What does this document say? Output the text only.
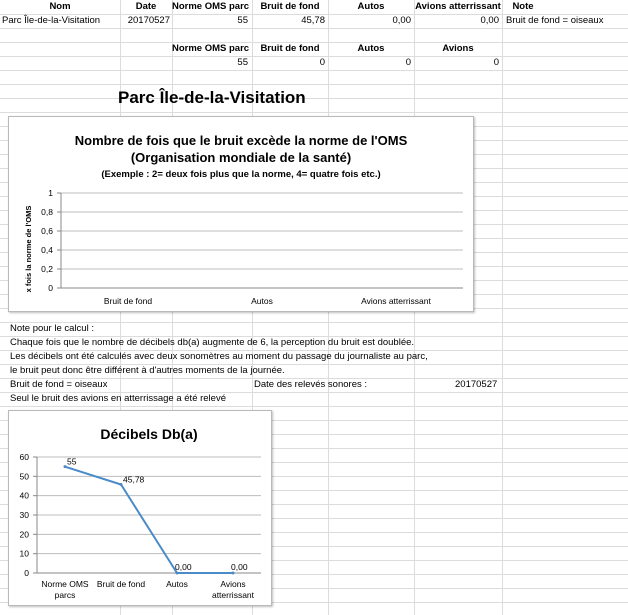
Nom	Date	Norme OMS parc	Bruit de fond	Autos	Avions atterrissant	Note
Parc Île-de-la-Visitation	20170527	55	45,78	0,00	0,00 Bruit de fond = oiseaux
Norme OMS parc	Bruit de fond	Autos	Avions
55	0	0	0
Parc Île-de-la-Visitation
Nombre de fois que le bruit excède la norme de l'OMS
(Organisation mondiale de la santé)
(Exemple : 2= deux fois plus que la norme, 4= quatre fois etc.)
x fois la norme de l'OMS 0
0,2
0,4
0,6
0,8
1
Bruit de fond	Autos	Avions atterrissant
Note pour le calcul :
Chaque fois que le nombre de décibels db(a) augmente de 6, la perception du bruit est doublée.
Les décibels ont été calculés avec deux sonomètres au moment du passage du journaliste au parc,
le bruit peut donc être différent à d'autres moments de la journée.
Bruit de fond = oiseaux	Date des relevés sonores :	20170527
Seul le bruit des avions en atterrissage a été relevé
Décibels Db(a)
0
10
20
30
40
50
60	55
45,78
0,00	0,00
Norme OMS
parcs
Bruit de fond Autos	Avions
atterrissant
